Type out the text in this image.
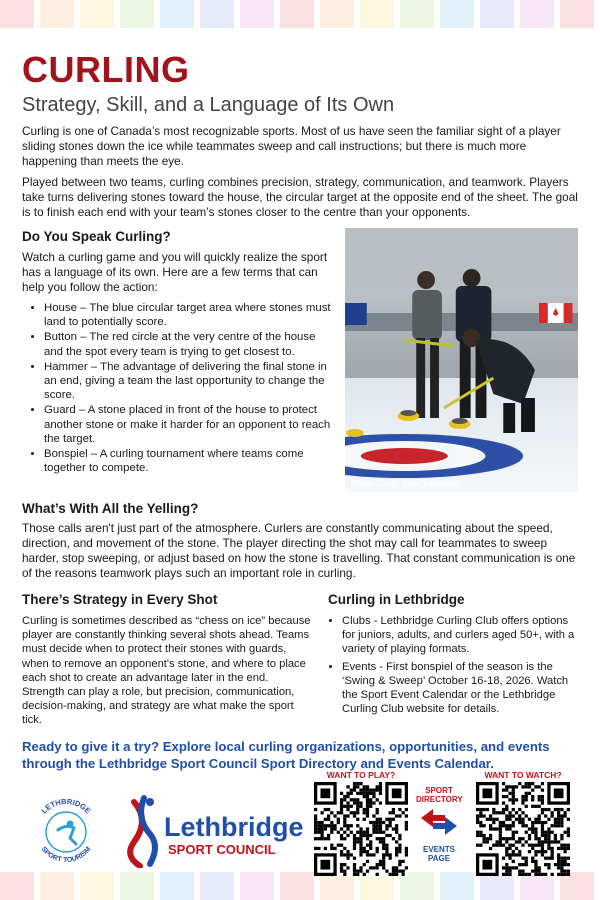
CURLING
Strategy, Skill, and a Language of Its Own

Curling is one of Canada’s most recognizable sports. Most of us have seen the familiar sight of a player sliding stones down the ice while teammates sweep and call instructions; but there is much more happening than meets the eye.

Played between two teams, curling combines precision, strategy, communication, and teamwork. Players take turns delivering stones toward the house, the circular target at the opposite end of the sheet. The goal is to finish each end with your team’s stones closer to the centre than your opponents.

Do You Speak Curling?

Watch a curling game and you will quickly realize the sport has a language of its own. Here are a few terms that can help you follow the action:

• House – The blue circular target area where stones must land to potentially score.
• Button – The red circle at the very centre of the house and the spot every team is trying to get closest to.
• Hammer – The advantage of delivering the final stone in an end, giving a team the last opportunity to change the score.
• Guard – A stone placed in front of the house to protect another stone or make it harder for an opponent to reach the target.
• Bonspiel – A curling tournament where teams come together to compete.
Photo Credit: Blair Takahashi
What’s With All the Yelling?

Those calls aren't just part of the atmosphere. Curlers are constantly communicating about the speed, direction, and movement of the stone. The player directing the shot may call for teammates to sweep harder, stop sweeping, or adjust based on how the stone is travelling. That constant communication is one of the reasons teamwork plays such an important role in curling.

There’s Strategy in Every Shot

Curling is sometimes described as “chess on ice” because player are constantly thinking several shots ahead. Teams must decide when to protect their stones with guards, when to remove an opponent's stone, and where to place each shot to create an advantage later in the end. Strength can play a role, but precision, communication, decision-making, and strategy are what make the sport tick.

Curling in Lethbridge
• Clubs - Lethbridge Curling Club offers options for juniors, adults, and curlers aged 50+, with a variety of playing formats.
• Events - First bonspiel of the season is the ‘Swing & Sweep’ October 16-18, 2026. Watch the Sport Event Calendar or the Lethbridge Curling Club website for details.
Ready to give it a try? Explore local curling organizations, opportunities, and events through the Lethbridge Sport Council Sport Directory and Events Calendar.
LETHBRIDGE
SPORT TOURISM
Lethbridge
SPORT COUNCIL
WANT TO PLAY?
SPORT DIRECTORY
EVENTS PAGE
WANT TO WATCH?
